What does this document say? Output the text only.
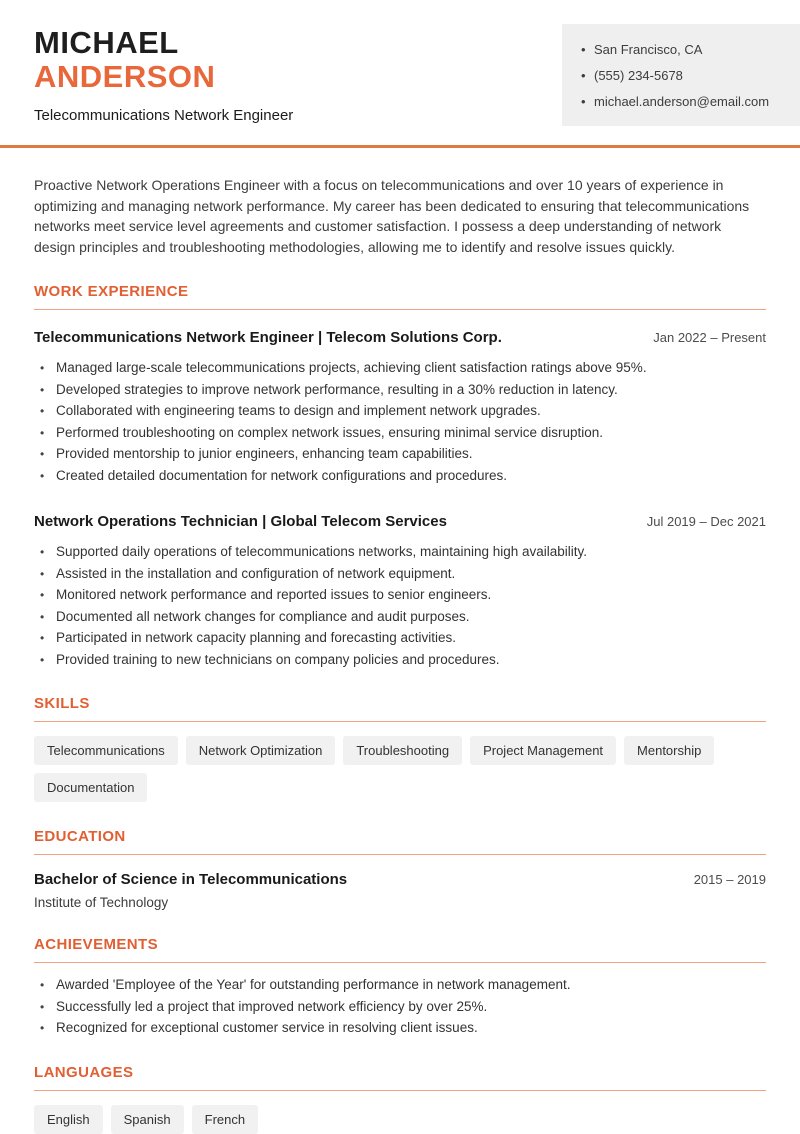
MICHAEL
ANDERSON
Telecommunications Network Engineer
• San Francisco, CA
• (555) 234-5678
• michael.anderson@email.com

Proactive Network Operations Engineer with a focus on telecommunications and over 10 years of experience in optimizing and managing network performance. My career has been dedicated to ensuring that telecommunications networks meet service level agreements and customer satisfaction. I possess a deep understanding of network design principles and troubleshooting methodologies, allowing me to identify and resolve issues quickly.

WORK EXPERIENCE
Telecommunications Network Engineer | Telecom Solutions Corp.	Jan 2022 – Present
• Managed large-scale telecommunications projects, achieving client satisfaction ratings above 95%.
• Developed strategies to improve network performance, resulting in a 30% reduction in latency.
• Collaborated with engineering teams to design and implement network upgrades.
• Performed troubleshooting on complex network issues, ensuring minimal service disruption.
• Provided mentorship to junior engineers, enhancing team capabilities.
• Created detailed documentation for network configurations and procedures.
Network Operations Technician | Global Telecom Services	Jul 2019 – Dec 2021
• Supported daily operations of telecommunications networks, maintaining high availability.
• Assisted in the installation and configuration of network equipment.
• Monitored network performance and reported issues to senior engineers.
• Documented all network changes for compliance and audit purposes.
• Participated in network capacity planning and forecasting activities.
• Provided training to new technicians on company policies and procedures.
SKILLS
Telecommunications	Network Optimization	Troubleshooting	Project Management	Mentorship
Documentation
EDUCATION
Bachelor of Science in Telecommunications	2015 – 2019
Institute of Technology
ACHIEVEMENTS
• Awarded 'Employee of the Year' for outstanding performance in network management.
• Successfully led a project that improved network efficiency by over 25%.
• Recognized for exceptional customer service in resolving client issues.
LANGUAGES
English	Spanish	French
